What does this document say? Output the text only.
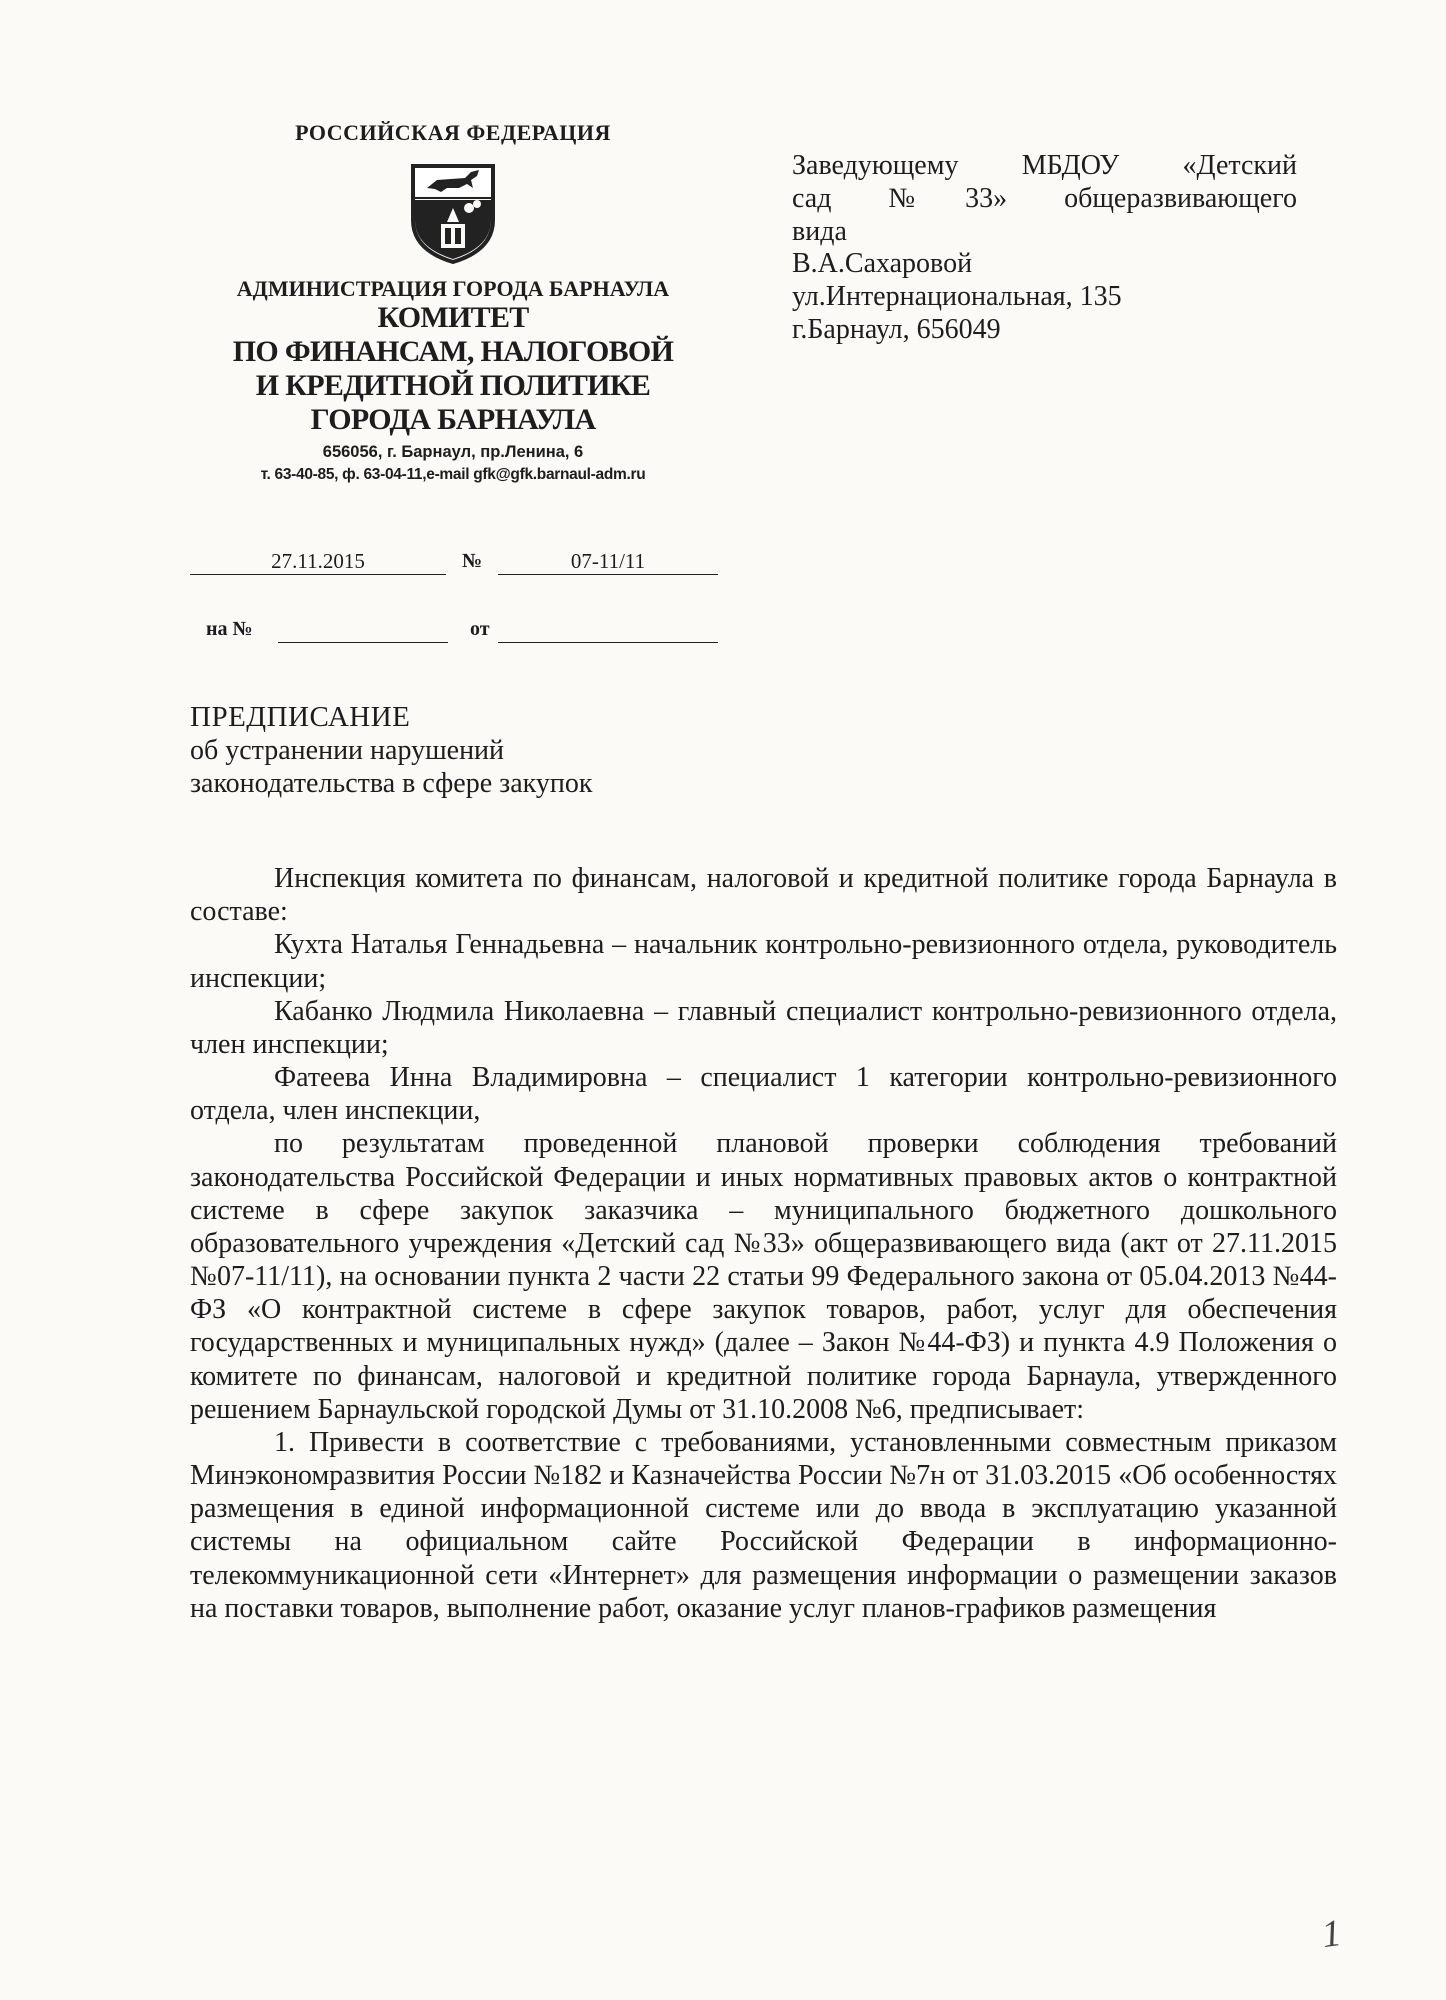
РОССИЙСКАЯ ФЕДЕРАЦИЯ
АДМИНИСТРАЦИЯ ГОРОДА БАРНАУЛА
КОМИТЕТ
ПО ФИНАНСАМ, НАЛОГОВОЙ
И КРЕДИТНОЙ ПОЛИТИКЕ
ГОРОДА БАРНАУЛА
656056, г. Барнаул, пр.Ленина, 6
т. 63-40-85, ф. 63-04-11,e-mail gfk@gfk.barnaul-adm.ru
27.11.2015	№	07-11/11
на №	от
Заведующему МБДОУ «Детский
сад №33» общеразвивающего
вида
В.А.Сахаровой
ул.Интернациональная, 135
г.Барнаул, 656049
ПРЕДПИСАНИЕ
об устранении нарушений
законодательства в сфере закупок

Инспекция комитета по финансам, налоговой и кредитной политике города Барнаула в составе:

Кухта Наталья Геннадьевна – начальник контрольно-ревизионного отдела, руководитель инспекции;

Кабанко Людмила Николаевна – главный специалист контрольно-ревизионного отдела, член инспекции;

Фатеева Инна Владимировна – специалист 1 категории контрольно-ревизионного отдела, член инспекции,

по результатам проведенной плановой проверки соблюдения требований законодательства Российской Федерации и иных нормативных правовых актов о контрактной системе в сфере закупок заказчика – муниципального бюджетного дошкольного образовательного учреждения «Детский сад №33» общеразвивающего вида (акт от 27.11.2015 №07-11/11), на основании пункта 2 части 22 статьи 99 Федерального закона от 05.04.2013 №44-ФЗ «О контрактной системе в сфере закупок товаров, работ, услуг для обеспечения государственных и муниципальных нужд» (далее – Закон №44-ФЗ) и пункта 4.9 Положения о комитете по финансам, налоговой и кредитной политике города Барнаула, утвержденного решением Барнаульской городской Думы от 31.10.2008 №6, предписывает:

1. Привести в соответствие с требованиями, установленными совместным приказом Минэкономразвития России №182 и Казначейства России №7н от 31.03.2015 «Об особенностях размещения в единой информационной системе или до ввода в эксплуатацию указанной системы на официальном сайте Российской Федерации в информационно-телекоммуникационной сети «Интернет» для размещения информации о размещении заказов на поставки товаров, выполнение работ, оказание услуг планов-графиков размещения

1
